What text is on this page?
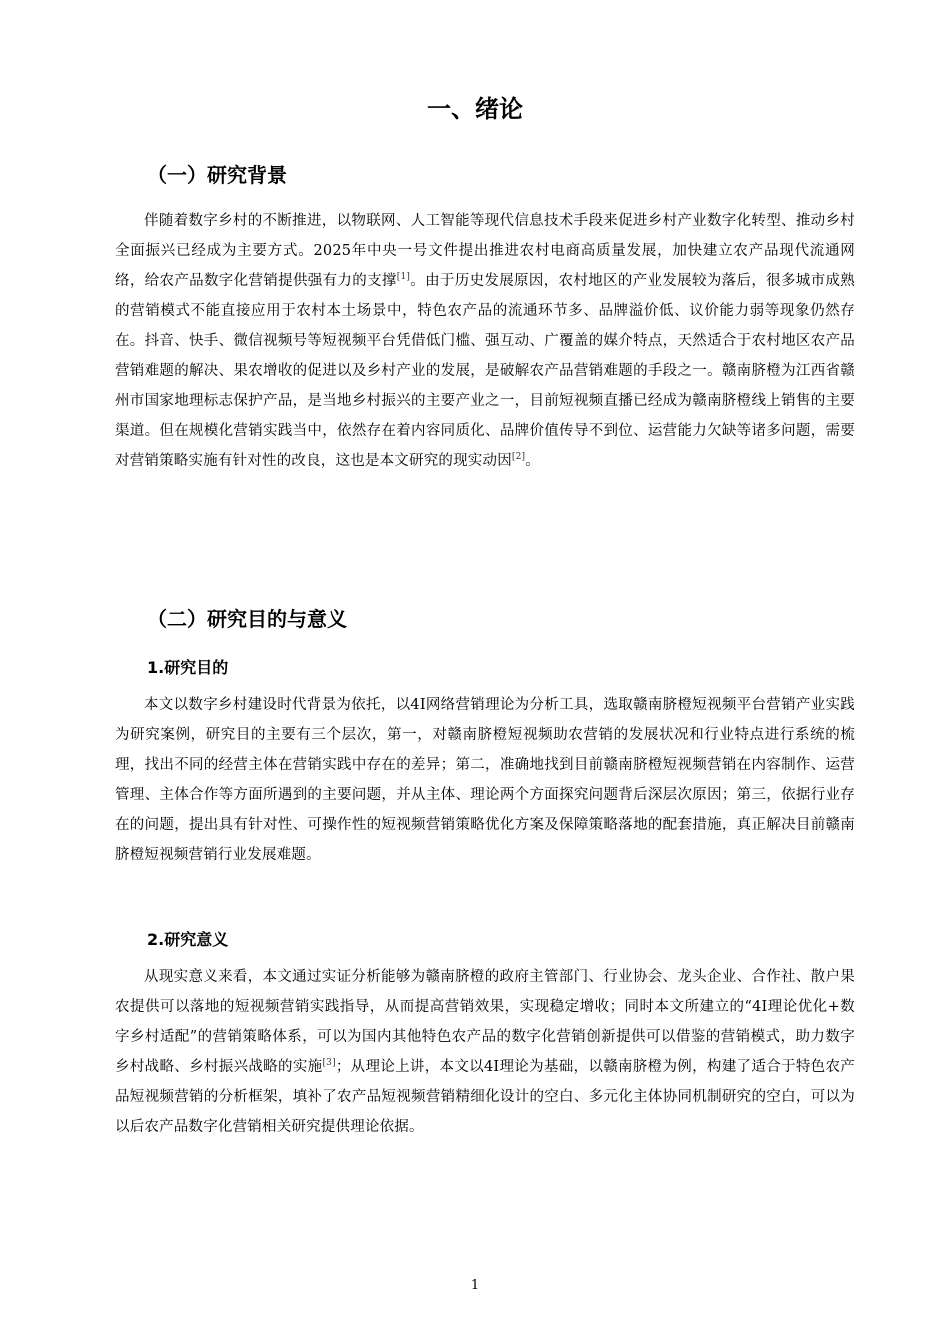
一、绪论
（一）研究背景

伴随着数字乡村的不断推进，以物联网、人工智能等现代信息技术手段来促进乡村产业数字化转型、推动乡村全面振兴已经成为主要方式。2025年中央一号文件提出推进农村电商高质量发展，加快建立农产品现代流通网络，给农产品数字化营销提供强有力的支撑[1]。由于历史发展原因，农村地区的产业发展较为落后，很多城市成熟的营销模式不能直接应用于农村本土场景中，特色农产品的流通环节多、品牌溢价低、议价能力弱等现象仍然存在。抖音、快手、微信视频号等短视频平台凭借低门槛、强互动、广覆盖的媒介特点，天然适合于农村地区农产品营销难题的解决、果农增收的促进以及乡村产业的发展，是破解农产品营销难题的手段之一。赣南脐橙为江西省赣州市国家地理标志保护产品，是当地乡村振兴的主要产业之一，目前短视频直播已经成为赣南脐橙线上销售的主要渠道。但在规模化营销实践当中，依然存在着内容同质化、品牌价值传导不到位、运营能力欠缺等诸多问题，需要对营销策略实施有针对性的改良，这也是本文研究的现实动因[2]。

（二）研究目的与意义
1.研究目的

本文以数字乡村建设时代背景为依托，以4I网络营销理论为分析工具，选取赣南脐橙短视频平台营销产业实践为研究案例，研究目的主要有三个层次，第一，对赣南脐橙短视频助农营销的发展状况和行业特点进行系统的梳理，找出不同的经营主体在营销实践中存在的差异；第二，准确地找到目前赣南脐橙短视频营销在内容制作、运营管理、主体合作等方面所遇到的主要问题，并从主体、理论两个方面探究问题背后深层次原因；第三，依据行业存在的问题，提出具有针对性、可操作性的短视频营销策略优化方案及保障策略落地的配套措施，真正解决目前赣南脐橙短视频营销行业发展难题。

2.研究意义

从现实意义来看，本文通过实证分析能够为赣南脐橙的政府主管部门、行业协会、龙头企业、合作社、散户果农提供可以落地的短视频营销实践指导，从而提高营销效果，实现稳定增收；同时本文所建立的“4I理论优化+数字乡村适配”的营销策略体系，可以为国内其他特色农产品的数字化营销创新提供可以借鉴的营销模式，助力数字乡村战略、乡村振兴战略的实施[3]；从理论上讲，本文以4I理论为基础，以赣南脐橙为例，构建了适合于特色农产品短视频营销的分析框架，填补了农产品短视频营销精细化设计的空白、多元化主体协同机制研究的空白，可以为以后农产品数字化营销相关研究提供理论依据。

1
